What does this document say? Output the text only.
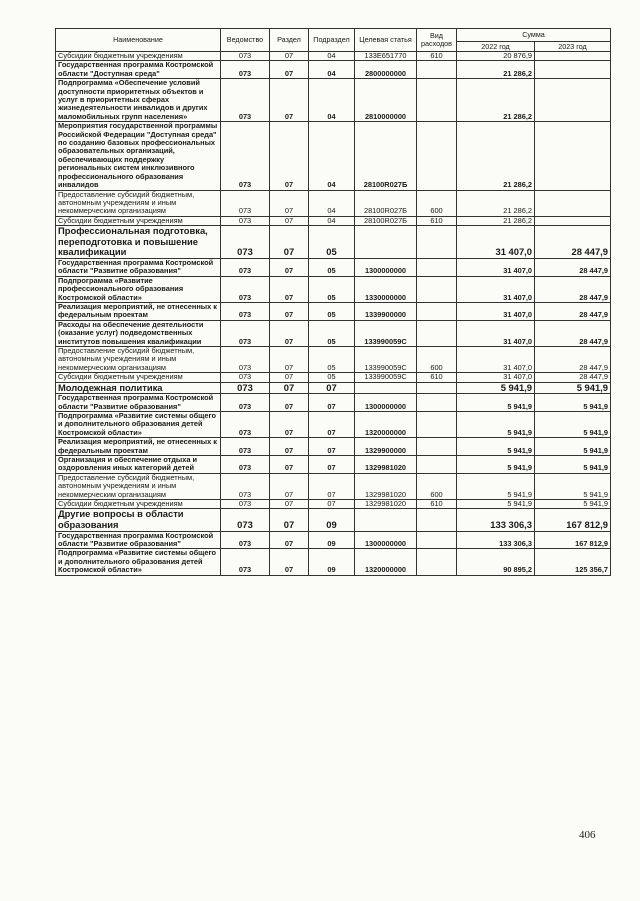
Наименование	Ведомство	Раздел	Подраздел	Целевая статья	Вид расходов	Сумма	
						2022 год	2023 год
Субсидии бюджетным учреждениям	073	07	04	133E651770	610	20 876,9	
Государственная программа Костромской области "Доступная среда"	073	07	04	2800000000		21 286,2	
Подпрограмма «Обеспечение условий доступности приоритетных объектов и услуг в приоритетных сферах жизнедеятельности инвалидов и других маломобильных групп населения»	073	07	04	2810000000		21 286,2	
Мероприятия государственной программы Российской Федерации "Доступная среда" по созданию базовых профессиональных образовательных организаций, обеспечивающих поддержку региональных систем инклюзивного профессионального образования инвалидов	073	07	04	28100R027Б		21 286,2	
Предоставление субсидий бюджетным, автономным учреждениям и иным некоммерческим организациям	073	07	04	28100R027Б	600	21 286,2	
Субсидии бюджетным учреждениям	073	07	04	28100R027Б	610	21 286,2	
Профессиональная подготовка, переподготовка и повышение квалификации	073	07	05			31 407,0	28 447,9
Государственная программа Костромской области "Развитие образования"	073	07	05	1300000000		31 407,0	28 447,9
Подпрограмма «Развитие профессионального образования Костромской области»	073	07	05	1330000000		31 407,0	28 447,9
Реализация мероприятий, не отнесенных к федеральным проектам	073	07	05	1339900000		31 407,0	28 447,9
Расходы на обеспечение деятельности (оказание услуг) подведомственных институтов повышения квалификации	073	07	05	133990059С		31 407,0	28 447,9
Предоставление субсидий бюджетным, автономным учреждениям и иным некоммерческим организациям	073	07	05	133990059С	600	31 407,0	28 447,9
Субсидии бюджетным учреждениям	073	07	05	133990059С	610	31 407,0	28 447,9
Молодежная политика	073	07	07			5 941,9	5 941,9
Государственная программа Костромской области "Развитие образования"	073	07	07	1300000000		5 941,9	5 941,9
Подпрограмма «Развитие системы общего и дополнительного образования детей Костромской области»	073	07	07	1320000000		5 941,9	5 941,9
Реализация мероприятий, не отнесенных к федеральным проектам	073	07	07	1329900000		5 941,9	5 941,9
Организация и обеспечение отдыха и оздоровления иных категорий детей	073	07	07	1329981020		5 941,9	5 941,9
Предоставление субсидий бюджетным, автономным учреждениям и иным некоммерческим организациям	073	07	07	1329981020	600	5 941,9	5 941,9
Субсидии бюджетным учреждениям	073	07	07	1329981020	610	5 941,9	5 941,9
Другие вопросы в области образования	073	07	09			133 306,3	167 812,9
Государственная программа Костромской области "Развитие образования"	073	07	09	1300000000		133 306,3	167 812,9
Подпрограмма «Развитие системы общего и дополнительного образования детей Костромской области»	073	07	09	1320000000		90 895,2	125 356,7
406
